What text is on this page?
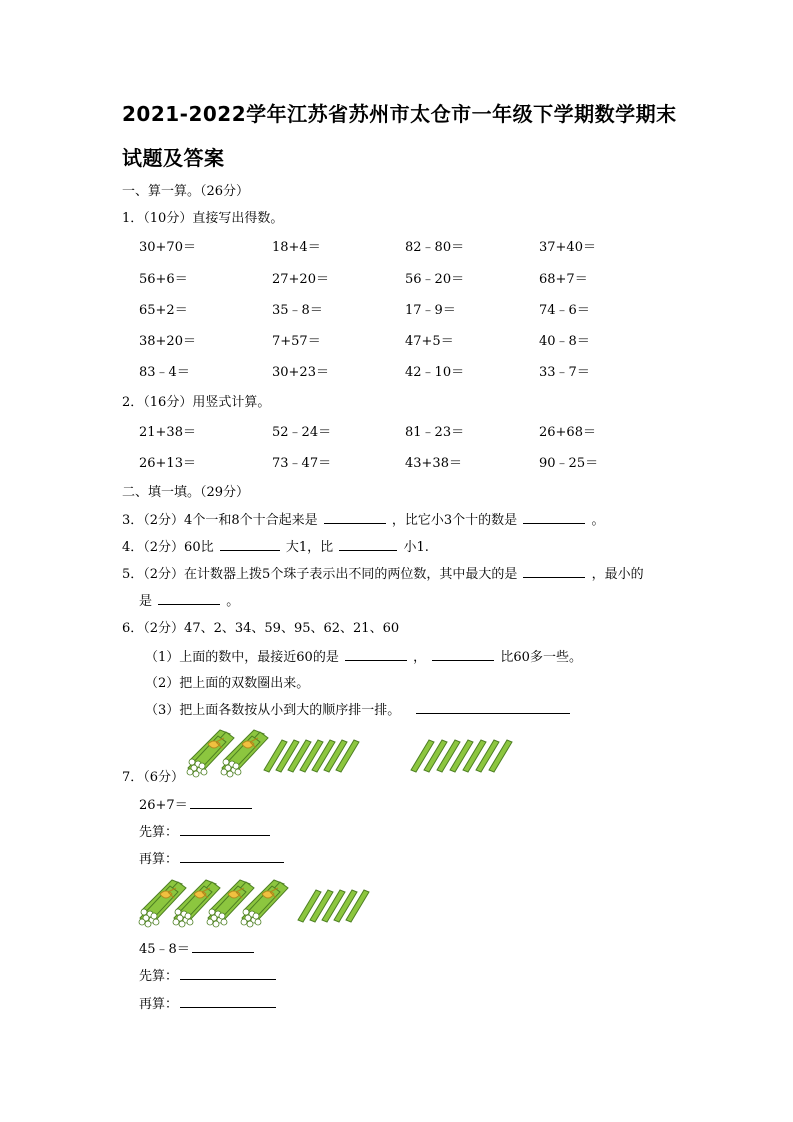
2021-2022学年江苏省苏州市太仓市一年级下学期数学期末
试题及答案
一、算一算。（26分）
1．（10分）直接写出得数。
30+70＝	18+4＝	82﹣80＝	37+40＝
56+6＝	27+20＝	56﹣20＝	68+7＝
65+2＝	35﹣8＝	17﹣9＝	74﹣6＝
38+20＝	7+57＝	47+5＝	40﹣8＝
83﹣4＝	30+23＝	42﹣10＝	33﹣7＝
2．（16分）用竖式计算。
21+38＝	52﹣24＝	81﹣23＝	26+68＝
26+13＝	73﹣47＝	43+38＝	90﹣25＝
二、填一填。（29分）
3．（2分）4个一和8个十合起来是	，比它小3个十的数是	。
4．（2分）60比	大1，比	小1.
5．（2分）在计数器上拨5个珠子表示出不同的两位数，其中最大的是	，最小的
是	。
6．（2分）47、2、34、59、95、62、21、60
（1）上面的数中，最接近60的是	，	比60多一些。
（2）把上面的双数圈出来。
（3）把上面各数按从小到大的顺序排一排。
7．（6分）
26+7＝
先算：
再算：
45﹣8＝
先算：
再算：
